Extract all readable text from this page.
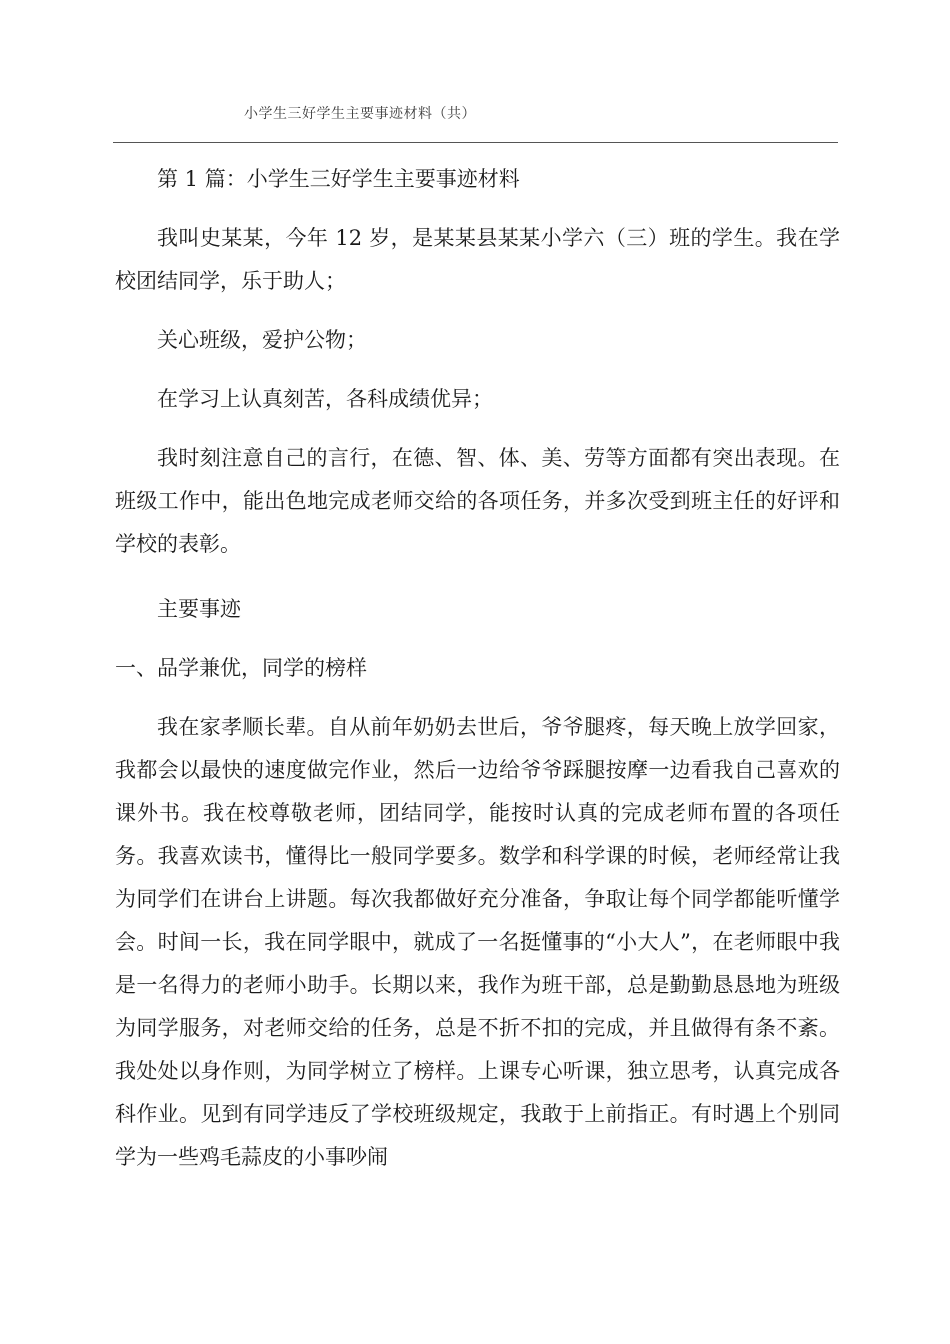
小学生三好学生主要事迹材料（共）

第 1 篇：小学生三好学生主要事迹材料

我叫史某某，今年 12 岁，是某某县某某小学六（三）班的学生。我在学校团结同学，乐于助人；

关心班级，爱护公物；

在学习上认真刻苦，各科成绩优异；

我时刻注意自己的言行，在德、智、体、美、劳等方面都有突出表现。在班级工作中，能出色地完成老师交给的各项任务，并多次受到班主任的好评和学校的表彰。

主要事迹

一、品学兼优，同学的榜样

我在家孝顺长辈。自从前年奶奶去世后，爷爷腿疼，每天晚上放学回家，我都会以最快的速度做完作业，然后一边给爷爷踩腿按摩一边看我自己喜欢的课外书。我在校尊敬老师，团结同学，能按时认真的完成老师布置的各项任务。我喜欢读书，懂得比一般同学要多。数学和科学课的时候，老师经常让我为同学们在讲台上讲题。每次我都做好充分准备，争取让每个同学都能听懂学会。时间一长，我在同学眼中，就成了一名挺懂事的“小大人”，在老师眼中我是一名得力的老师小助手。长期以来，我作为班干部，总是勤勤恳恳地为班级为同学服务，对老师交给的任务，总是不折不扣的完成，并且做得有条不紊。我处处以身作则，为同学树立了榜样。上课专心听课，独立思考，认真完成各科作业。见到有同学违反了学校班级规定，我敢于上前指正。有时遇上个别同学为一些鸡毛蒜皮的小事吵闹
